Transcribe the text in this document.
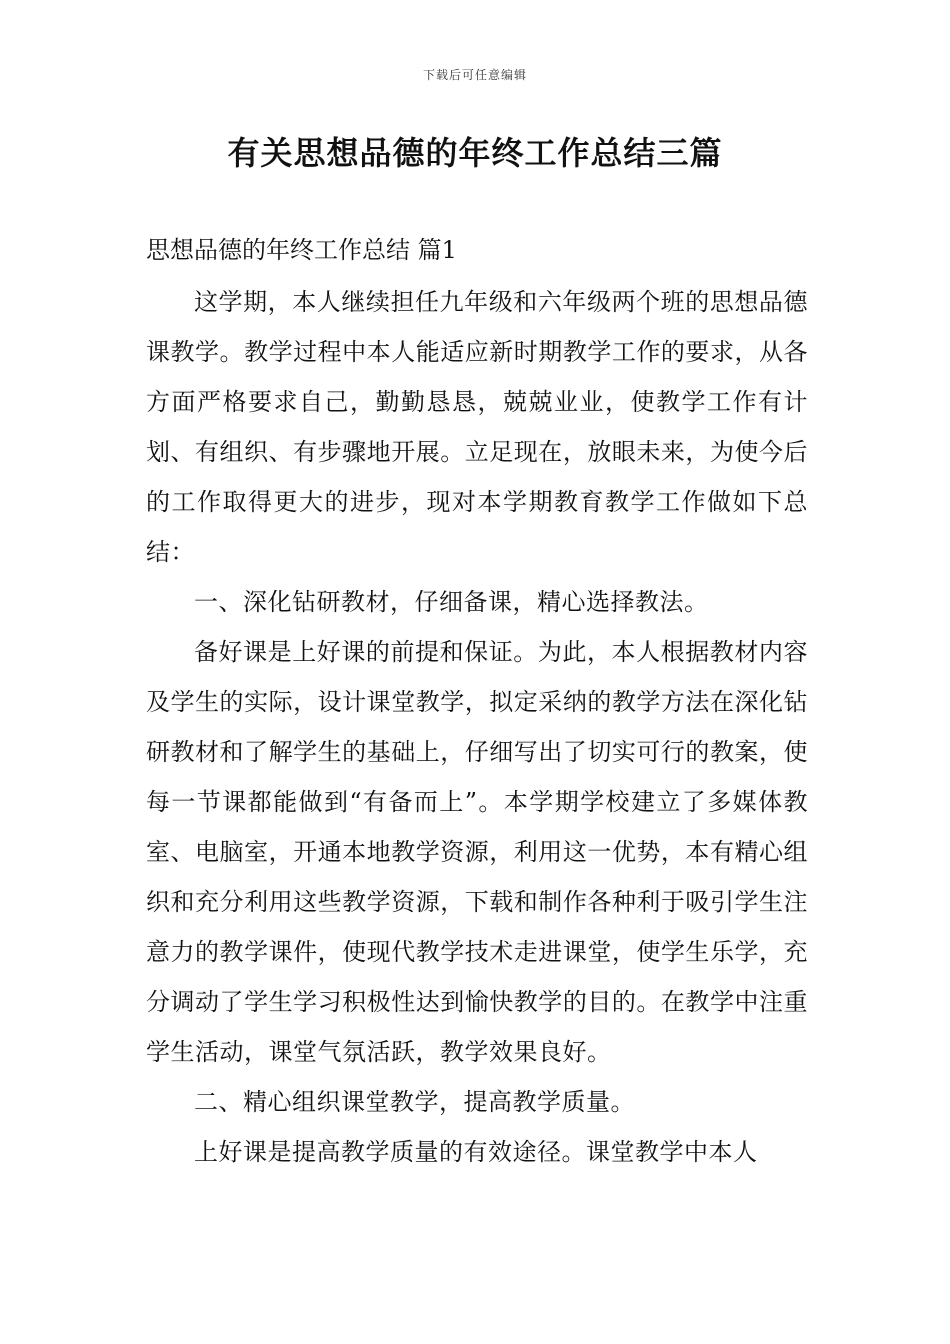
下载后可任意编辑
有关思想品德的年终工作总结三篇
思想品德的年终工作总结 篇1

这学期，本人继续担任九年级和六年级两个班的思想品德课教学。教学过程中本人能适应新时期教学工作的要求，从各方面严格要求自己，勤勤恳恳，兢兢业业，使教学工作有计划、有组织、有步骤地开展。立足现在，放眼未来，为使今后的工作取得更大的进步，现对本学期教育教学工作做如下总结：

一、深化钻研教材，仔细备课，精心选择教法。

备好课是上好课的前提和保证。为此，本人根据教材内容及学生的实际，设计课堂教学，拟定采纳的教学方法在深化钻研教材和了解学生的基础上，仔细写出了切实可行的教案，使每一节课都能做到“有备而上”。本学期学校建立了多媒体教室、电脑室，开通本地教学资源，利用这一优势，本有精心组织和充分利用这些教学资源，下载和制作各种利于吸引学生注意力的教学课件，使现代教学技术走进课堂，使学生乐学，充分调动了学生学习积极性达到愉快教学的目的。在教学中注重学生活动，课堂气氛活跃，教学效果良好。

二、精心组织课堂教学，提高教学质量。

上好课是提高教学质量的有效途径。课堂教学中本人
